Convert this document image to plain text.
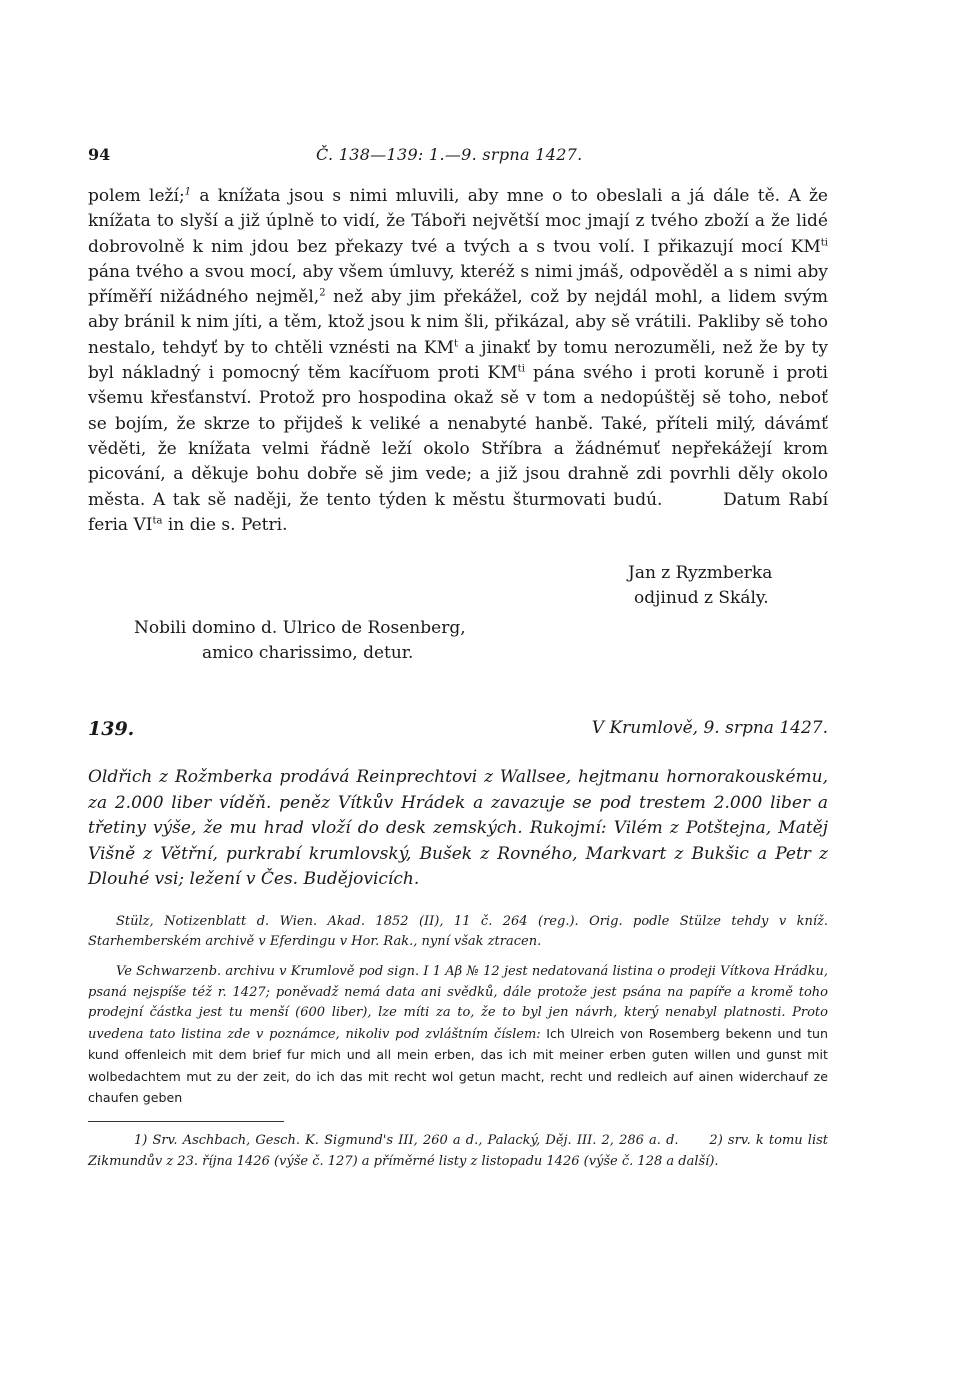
94	Č. 138—139: 1.—9. srpna 1427.

polem leží;$^1$ a knížata jsou s nimi mluvili, aby mne o to obeslali a já dále tě. A že knížata to slyší a již úplně to vidí, že Táboři největší moc jmají z tvého zboží a že lidé dobrovolně k nim jdou bez překazy tvé a tvých a s tvou volí. I přikazují mocí $KM^{ti}$ pána tvého a svou mocí, aby všem úmluvy, kteréž s nimi jmáš, odpověděl a s nimi aby příměří nižádného nejměl,$^2$ než aby jim překážel, což by nejdál mohl, a lidem svým aby bránil k nim jíti, a těm, ktož jsou k nim šli, přikázal, aby sě vrátili. Pakliby sě toho nestalo, tehdyť by to chtěli vznésti na $KM^t$ a jinakť by tomu nerozuměli, než že by ty byl nákladný i pomocný těm kacířuom proti $KM^{ti}$ pána svého i proti koruně i proti všemu křesťanství. Protož pro hospodina okaž sě v tom a nedopúštěj sě toho, neboť se bojím, že skrze to přijdeš k veliké a nenabyté hanbě. Také, příteli milý, dávámť věděti, že knížata velmi řádně leží okolo Stříbra a žádnémuť nepřekážejí krom picování, a děkuje bohu dobře sě jim vede; a již jsou drahně zdi povrhli děly okolo města. A tak sě naději, že tento týden k městu šturmovati budú.	Datum Rabí feria $VI^{ta}$ in die s. Petri.

Jan z Ryzmberka
odjinud z Skály.
Nobili domino d. Ulrico de Rosenberg,
amico charissimo, detur.
139.	V Krumlově, 9. srpna 1427.

Oldřich z Rožmberka prodává Reinprechtovi z Wallsee, hejtmanu hornorakouskému, za 2.000 liber víděň. peněz Vítkův Hrádek a zavazuje se pod trestem 2.000 liber a třetiny výše, že mu hrad vloží do desk zemských. Rukojmí: Vilém z Potštejna, Matěj Višně z Větřní, purkrabí krumlovský, Bušek z Rovného, Markvart z Bukšic a Petr z Dlouhé vsi; ležení v Čes. Budějovicích.

Stülz, Notizenblatt d. Wien. Akad. 1852 (II), 11 č. 264 (reg.). Orig. podle Stülze tehdy v kníž. Starhemberském archivě v Eferdingu v Hor. Rak., nyní však ztracen.

Ve Schwarzenb. archivu v Krumlově pod sign. I 1 Aβ № 12 jest nedatovaná listina o prodeji Vítkova Hrádku, psaná nejspíše též r. 1427; poněvadž nemá data ani svědků, dále protože jest psána na papíře a kromě toho prodejní částka jest tu menší (600 liber), lze míti za to, že to byl jen návrh, který nenabyl platnosti. Proto uvedena tato listina zde v poznámce, nikoliv pod zvláštním číslem: Ich Ulreich von Rosemberg bekenn und tun kund offenleich mit dem brief fur mich und all mein erben, das ich mit meiner erben guten willen und gunst mit wolbedachtem mut zu der zeit, do ich das mit recht wol getun macht, recht und redleich auf ainen widerchauf ze chaufen geben

1) Srv. Aschbach, Gesch. K. Sigmund's III, 260 a d., Palacký, Děj. III. 2, 286 a. d. 2) srv. k tomu list Zikmundův z 23. října 1426 (výše č. 127) a příměrné listy z listopadu 1426 (výše č. 128 a další).
